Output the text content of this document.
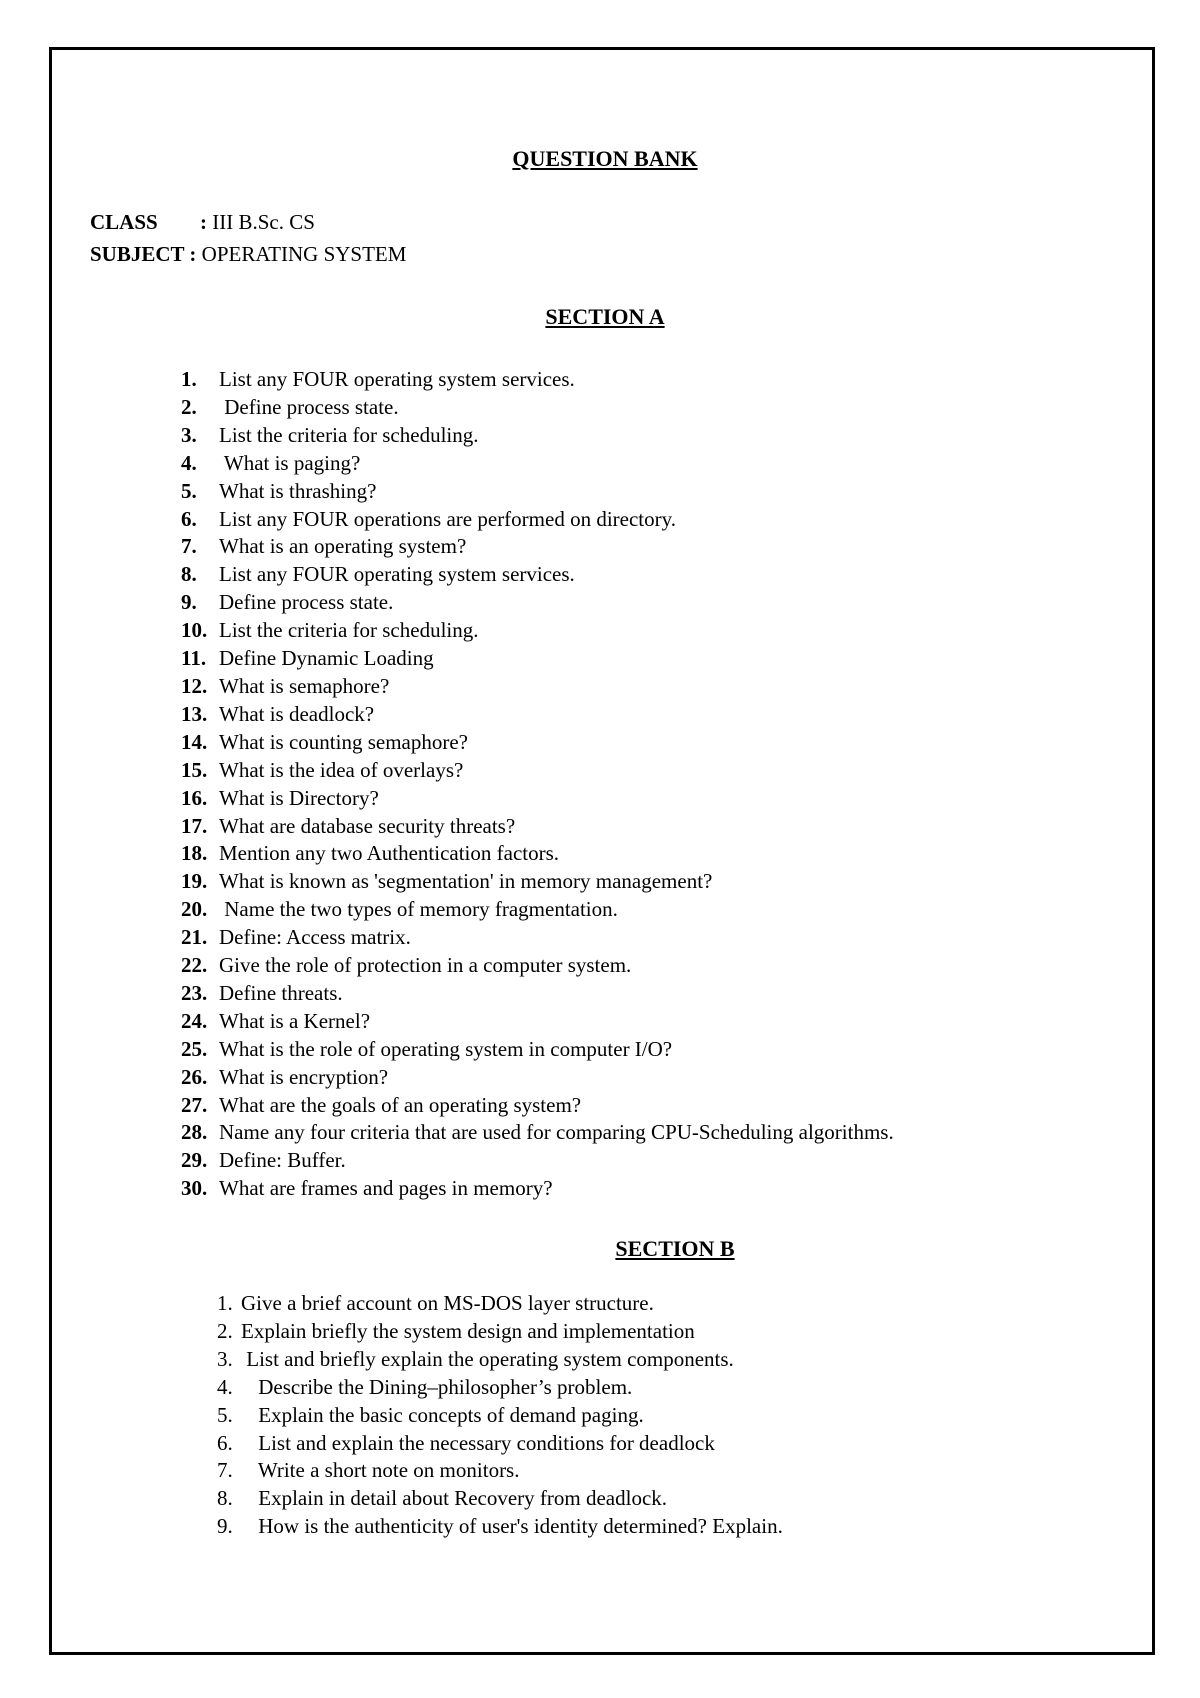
QUESTION BANK
CLASS : III B.Sc. CS
SUBJECT : OPERATING SYSTEM
SECTION A
1. List any FOUR operating system services.
2. Define process state.
3. List the criteria for scheduling.
4. What is paging?
5. What is thrashing?
6. List any FOUR operations are performed on directory.
7. What is an operating system?
8. List any FOUR operating system services.
9. Define process state.
10. List the criteria for scheduling.
11. Define Dynamic Loading
12. What is semaphore?
13. What is deadlock?
14. What is counting semaphore?
15. What is the idea of overlays?
16. What is Directory?
17. What are database security threats?
18. Mention any two Authentication factors.
19. What is known as 'segmentation' in memory management?
20. Name the two types of memory fragmentation.
21. Define: Access matrix.
22. Give the role of protection in a computer system.
23. Define threats.
24. What is a Kernel?
25. What is the role of operating system in computer I/O?
26. What is encryption?
27. What are the goals of an operating system?
28. Name any four criteria that are used for comparing CPU-Scheduling algorithms.
29. Define: Buffer.
30. What are frames and pages in memory?
SECTION B
1. Give a brief account on MS-DOS layer structure.
2. Explain briefly the system design and implementation
3. List and briefly explain the operating system components.
4. Describe the Dining–philosopher’s problem.
5. Explain the basic concepts of demand paging.
6. List and explain the necessary conditions for deadlock
7. Write a short note on monitors.
8. Explain in detail about Recovery from deadlock.
9. How is the authenticity of user's identity determined? Explain.
